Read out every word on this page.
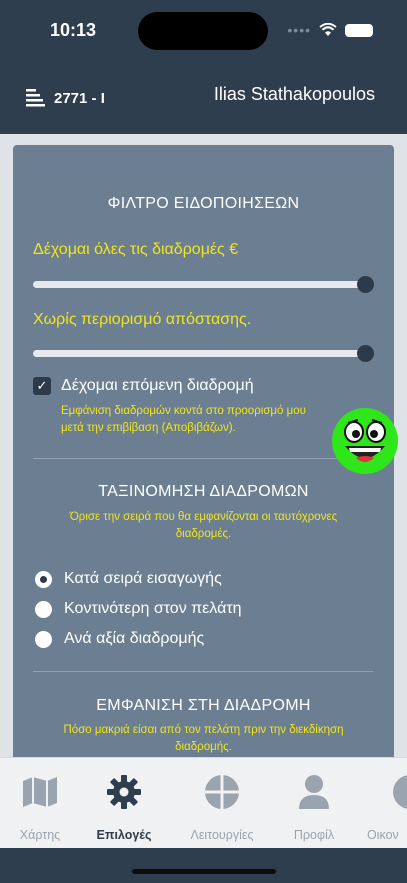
10:13	••••
2771 - I	Ilias Stathakopoulos
ΦΙΛΤΡΟ ΕΙΔΟΠΟΙΗΣΕΩΝ
Δέχομαι όλες τις διαδρομές €
Χωρίς περιορισμό απόστασης.
✓ Δέχομαι επόμενη διαδρομή
Εμφάνιση διαδρομών κοντά στο προορισμό μου
μετά την επιβίβαση (Αποβιβάζων).
ΤΑΞΙΝΟΜΗΣΗ ΔΙΑΔΡΟΜΩΝ
Όρισε την σειρά που θα εμφανίζονται οι ταυτόχρονες
διαδρομές.
Κατά σειρά εισαγωγής
Κοντινότερη στον πελάτη
Ανά αξία διαδρομής
ΕΜΦΑΝΙΣΗ ΣΤΗ ΔΙΑΔΡΟΜΗ
Πόσο μακριά είσαι από τον πελάτη πριν την διεκδίκηση
διαδρομής.
Χάρτης	Επιλογές	Λειτουργίες	Προφίλ	Οικον
